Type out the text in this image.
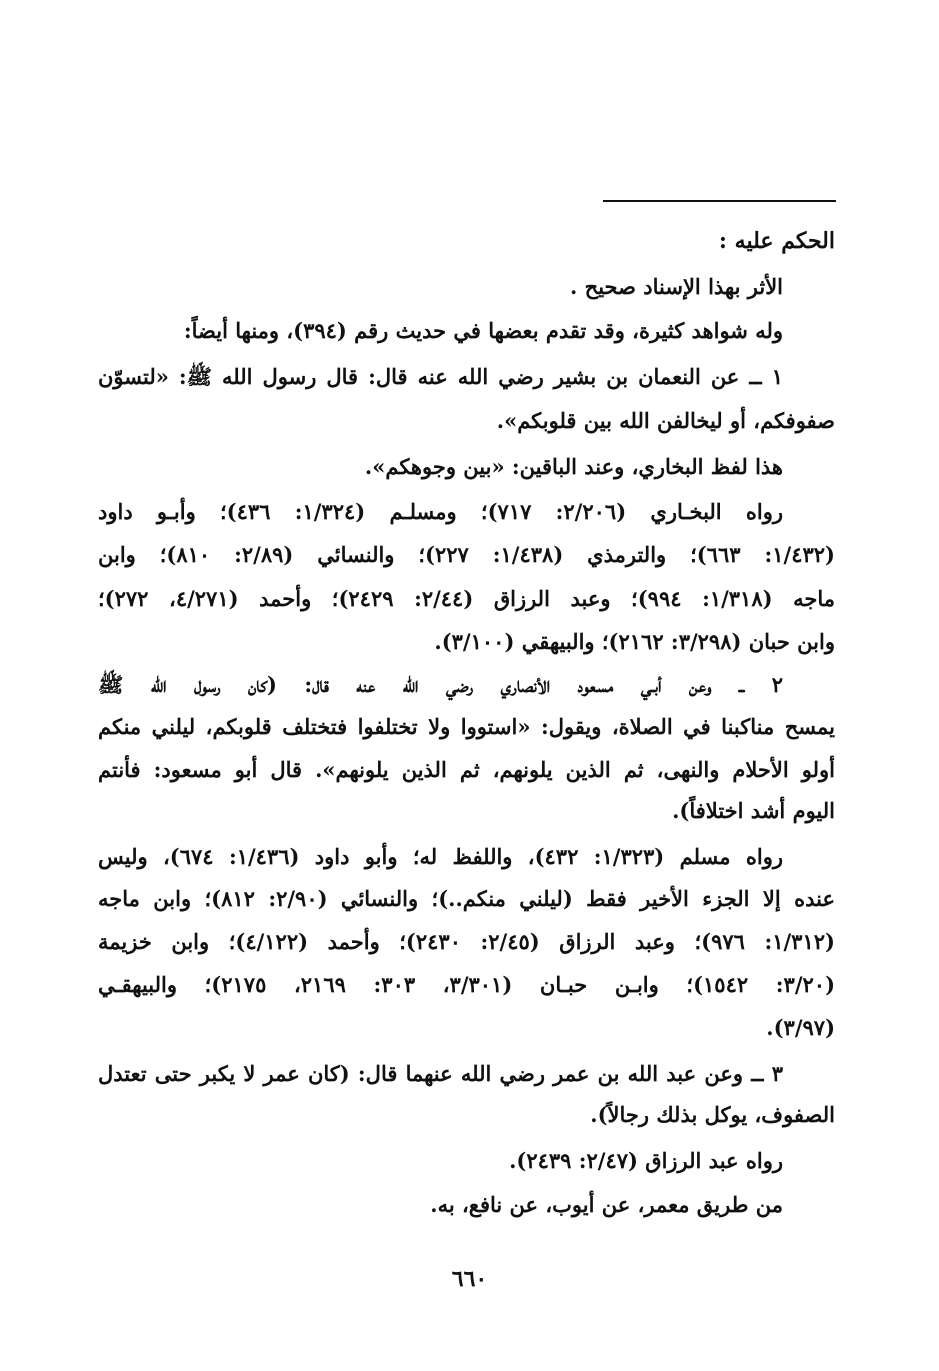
الحكم عليه :
الأثر بهذا الإسناد صحيح .
وله شواهد كثيرة، وقد تقدم بعضها في حديث رقم (٣٩٤)، ومنها أيضاً:
١ ــ عن النعمان بن بشير رضي الله عنه قال: قال رسول الله ﷺ: «لتسوّن
صفوفكم، أو ليخالفن الله بين قلوبكم».
هذا لفظ البخاري، وعند الباقين: «بين وجوهكم».
رواه البخـاري (٢/٢٠٦: ٧١٧)؛ ومسلـم (١/٣٢٤: ٤٣٦)؛ وأبـو داود
(١/٤٣٢: ٦٦٣)؛ والترمذي (١/٤٣٨: ٢٢٧)؛ والنسائي (٢/٨٩: ٨١٠)؛ وابن
ماجه (١/٣١٨: ٩٩٤)؛ وعبد الرزاق (٢/٤٤: ٢٤٢٩)؛ وأحمد (٤/٢٧١، ٢٧٢)؛
وابن حبان (٣/٢٩٨: ٢١٦٢)؛ والبيهقي (٣/١٠٠).
٢ ــ وعن أبـي مسعود الأنصاري رضي الله عنه قال: (كان رسول الله ﷺ
يمسح مناكبنا في الصلاة، ويقول: «استووا ولا تختلفوا فتختلف قلوبكم، ليلني منكم
أولو الأحلام والنهى، ثم الذين يلونهم، ثم الذين يلونهم». قال أبو مسعود: فأنتم
اليوم أشد اختلافاً).
رواه مسلم (١/٣٢٣: ٤٣٢)، واللفظ له؛ وأبو داود (١/٤٣٦: ٦٧٤)، وليس
عنده إلا الجزء الأخير فقط (ليلني منكم..)؛ والنسائي (٢/٩٠: ٨١٢)؛ وابن ماجه
(١/٣١٢: ٩٧٦)؛ وعبد الرزاق (٢/٤٥: ٢٤٣٠)؛ وأحمد (٤/١٢٢)؛ وابن خزيمة
(٣/٢٠: ١٥٤٢)؛ وابـن حبـان (٣/٣٠١، ٣٠٣: ٢١٦٩، ٢١٧٥)؛ والبيهقـي
(٣/٩٧).
٣ ــ وعن عبد الله بن عمر رضي الله عنهما قال: (كان عمر لا يكبر حتى تعتدل
الصفوف، يوكل بذلك رجالاً).
رواه عبد الرزاق (٢/٤٧: ٢٤٣٩).
من طريق معمر، عن أيوب، عن نافع، به.
٦٦٠
